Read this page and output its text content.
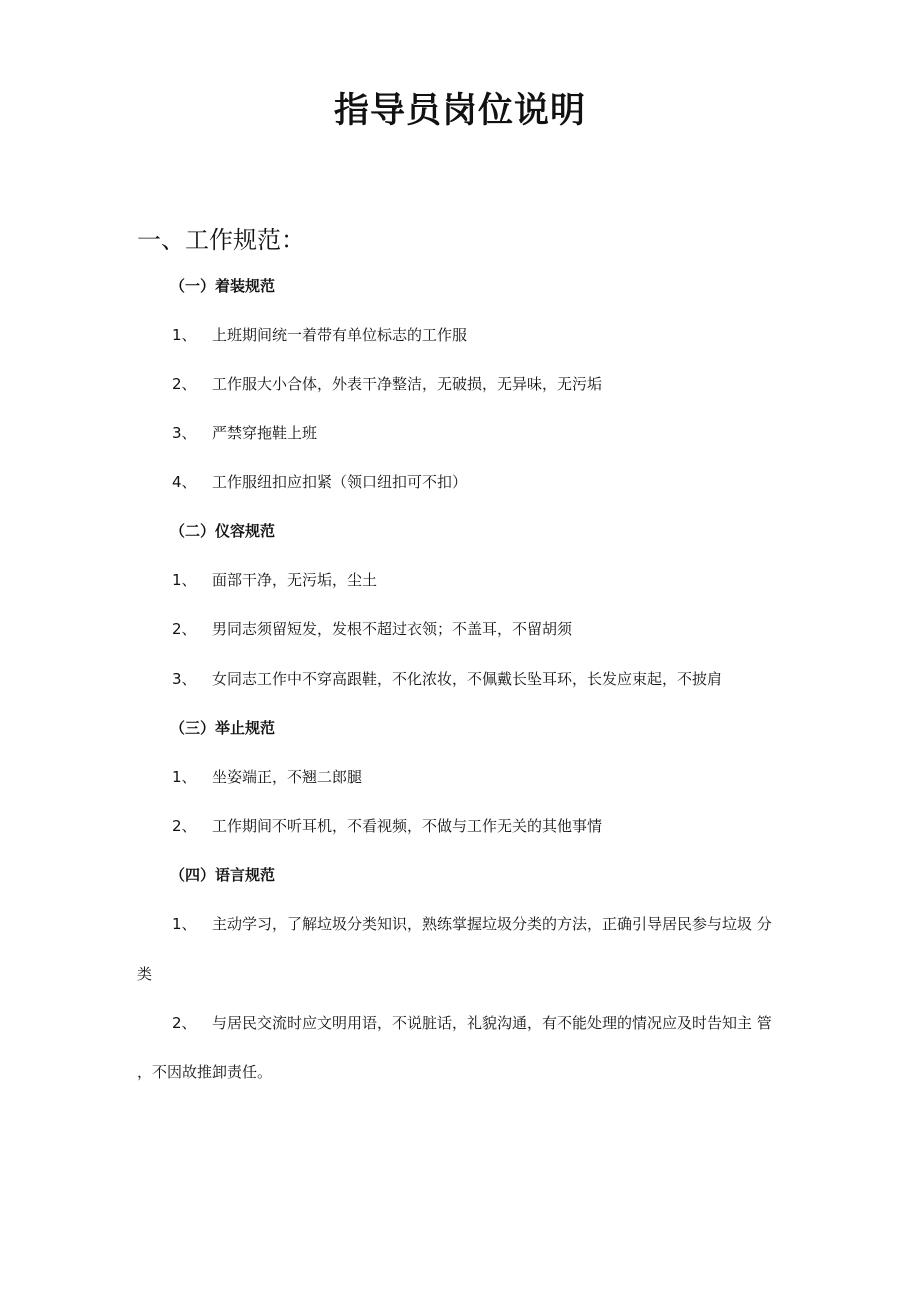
指导员岗位说明
一、工作规范：
（一）着装规范
1、 上班期间统一着带有单位标志的工作服
2、 工作服大小合体，外表干净整洁，无破损，无异味，无污垢
3、 严禁穿拖鞋上班
4、 工作服纽扣应扣紧（领口纽扣可不扣）
（二）仪容规范
1、 面部干净，无污垢，尘土
2、 男同志须留短发，发根不超过衣领；不盖耳，不留胡须
3、 女同志工作中不穿高跟鞋，不化浓妆，不佩戴长坠耳环，长发应束起，不披肩
（三）举止规范
1、 坐姿端正，不翘二郎腿
2、 工作期间不听耳机，不看视频，不做与工作无关的其他事情
（四）语言规范
1、 主动学习，了解垃圾分类知识，熟练掌握垃圾分类的方法，正确引导居民参与垃圾 分
类
2、 与居民交流时应文明用语，不说脏话，礼貌沟通，有不能处理的情况应及时告知主 管
，不因故推卸责任。
